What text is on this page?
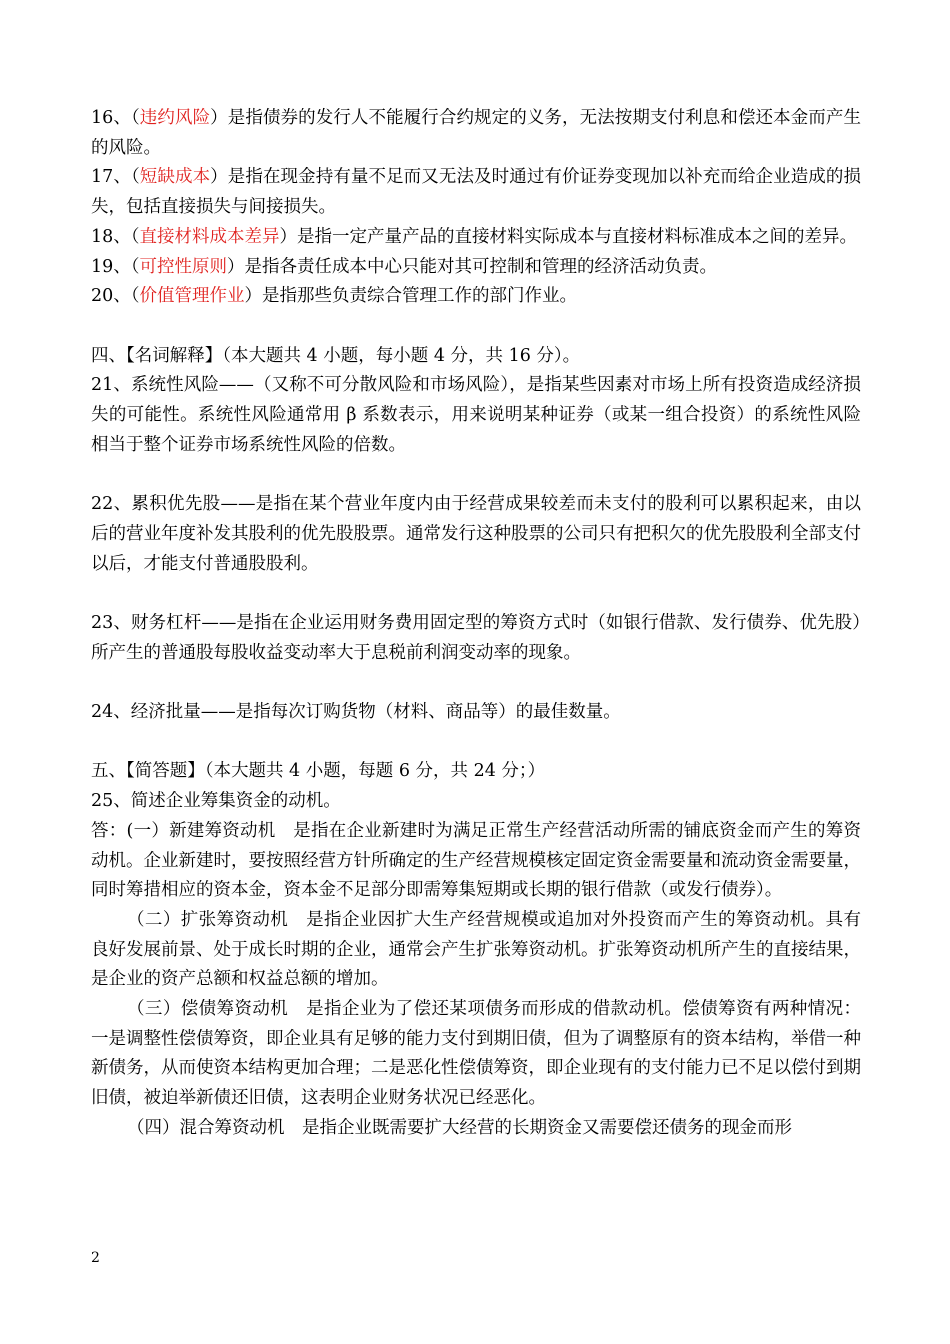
16、（违约风险）是指债券的发行人不能履行合约规定的义务，无法按期支付利息和偿还本金而产生的风险。

17、（短缺成本）是指在现金持有量不足而又无法及时通过有价证券变现加以补充而给企业造成的损失，包括直接损失与间接损失。

18、（直接材料成本差异）是指一定产量产品的直接材料实际成本与直接材料标准成本之间的差异。

19、（可控性原则）是指各责任成本中心只能对其可控制和管理的经济活动负责。

20、（价值管理作业）是指那些负责综合管理工作的部门作业。

四、【名词解释】（本大题共 4 小题，每小题 4 分，共 16 分）。

21、系统性风险——（又称不可分散风险和市场风险），是指某些因素对市场上所有投资造成经济损失的可能性。系统性风险通常用 β 系数表示，用来说明某种证券（或某一组合投资）的系统性风险相当于整个证券市场系统性风险的倍数。

22、累积优先股——是指在某个营业年度内由于经营成果较差而未支付的股利可以累积起来，由以后的营业年度补发其股利的优先股股票。通常发行这种股票的公司只有把积欠的优先股股利全部支付以后，才能支付普通股股利。

23、财务杠杆——是指在企业运用财务费用固定型的筹资方式时（如银行借款、发行债券、优先股）所产生的普通股每股收益变动率大于息税前利润变动率的现象。

24、经济批量——是指每次订购货物（材料、商品等）的最佳数量。

五、【简答题】（本大题共 4 小题，每题 6 分，共 24 分；）

25、简述企业筹集资金的动机。

答：(一）新建筹资动机　是指在企业新建时为满足正常生产经营活动所需的铺底资金而产生的筹资动机。企业新建时，要按照经营方针所确定的生产经营规模核定固定资金需要量和流动资金需要量，同时筹措相应的资本金，资本金不足部分即需筹集短期或长期的银行借款（或发行债券）。

（二）扩张筹资动机　是指企业因扩大生产经营规模或追加对外投资而产生的筹资动机。具有良好发展前景、处于成长时期的企业，通常会产生扩张筹资动机。扩张筹资动机所产生的直接结果，是企业的资产总额和权益总额的增加。

（三）偿债筹资动机　是指企业为了偿还某项债务而形成的借款动机。偿债筹资有两种情况：一是调整性偿债筹资，即企业具有足够的能力支付到期旧债，但为了调整原有的资本结构，举借一种新债务，从而使资本结构更加合理；二是恶化性偿债筹资，即企业现有的支付能力已不足以偿付到期旧债，被迫举新债还旧债，这表明企业财务状况已经恶化。

（四）混合筹资动机　是指企业既需要扩大经营的长期资金又需要偿还债务的现金而形

2
